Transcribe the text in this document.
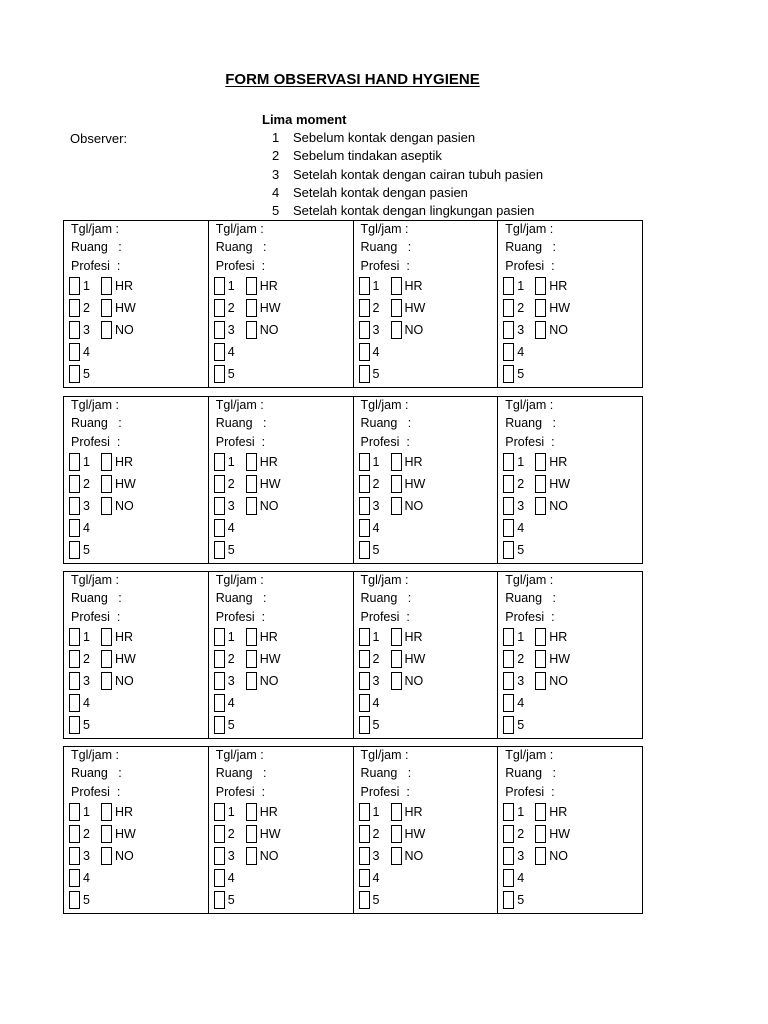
FORM OBSERVASI HAND HYGIENE
Observer:
Lima moment
1	Sebelum kontak dengan pasien
2	Sebelum tindakan aseptik
3	Setelah kontak dengan cairan tubuh pasien
4	Setelah kontak dengan pasien
5	Setelah kontak dengan lingkungan pasien
Tgl/jam :
Ruang   :
Profesi  :
1	HR
2	HW
3	NO
4
5
Tgl/jam :
Ruang   :
Profesi  :
1	HR
2	HW
3	NO
4
5
Tgl/jam :
Ruang   :
Profesi  :
1	HR
2	HW
3	NO
4
5
Tgl/jam :
Ruang   :
Profesi  :
1	HR
2	HW
3	NO
4
5
Tgl/jam :
Ruang   :
Profesi  :
1	HR
2	HW
3	NO
4
5
Tgl/jam :
Ruang   :
Profesi  :
1	HR
2	HW
3	NO
4
5
Tgl/jam :
Ruang   :
Profesi  :
1	HR
2	HW
3	NO
4
5
Tgl/jam :
Ruang   :
Profesi  :
1	HR
2	HW
3	NO
4
5
Tgl/jam :
Ruang   :
Profesi  :
1	HR
2	HW
3	NO
4
5
Tgl/jam :
Ruang   :
Profesi  :
1	HR
2	HW
3	NO
4
5
Tgl/jam :
Ruang   :
Profesi  :
1	HR
2	HW
3	NO
4
5
Tgl/jam :
Ruang   :
Profesi  :
1	HR
2	HW
3	NO
4
5
Tgl/jam :
Ruang   :
Profesi  :
1	HR
2	HW
3	NO
4
5
Tgl/jam :
Ruang   :
Profesi  :
1	HR
2	HW
3	NO
4
5
Tgl/jam :
Ruang   :
Profesi  :
1	HR
2	HW
3	NO
4
5
Tgl/jam :
Ruang   :
Profesi  :
1	HR
2	HW
3	NO
4
5
